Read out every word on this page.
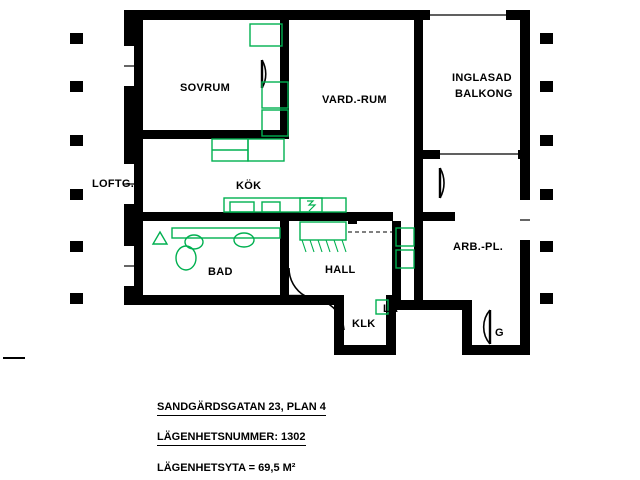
SOVRUM
VARD.-RUM
INGLASAD
BALKONG
LOFTG.	KÖK
BAD	HALL
ARB.-PL.
KLK
LA
G
SANDGÄRDSGATAN 23, PLAN 4
LÄGENHETSNUMMER: 1302
LÄGENHETSYTA = 69,5 M²
